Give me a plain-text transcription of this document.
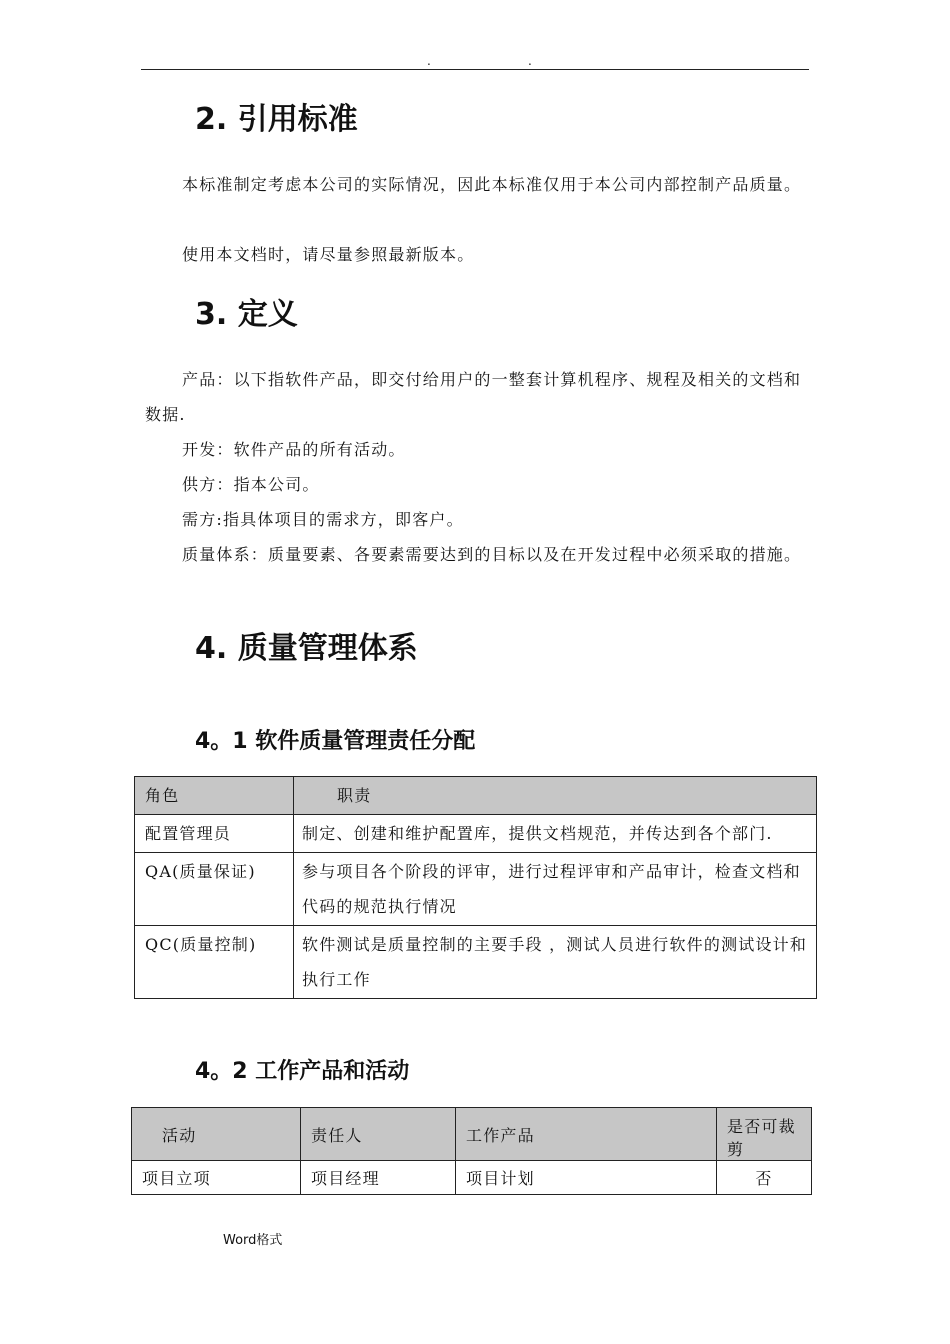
.	.
2. 引用标准
本标准制定考虑本公司的实际情况，因此本标准仅用于本公司内部控制产品质量。
使用本文档时，请尽量参照最新版本。
3. 定义
产品：以下指软件产品，即交付给用户的一整套计算机程序、规程及相关的文档和数据.
开发：软件产品的所有活动。
供方：指本公司。
需方:指具体项目的需求方，即客户。
质量体系：质量要素、各要素需要达到的目标以及在开发过程中必须采取的措施。
4. 质量管理体系
4。1 软件质量管理责任分配
角色	职责
配置管理员	制定、创建和维护配置库，提供文档规范，并传达到各个部门.
QA(质量保证)	参与项目各个阶段的评审，进行过程评审和产品审计，检查文档和代码的规范执行情况
QC(质量控制)	软件测试是质量控制的主要手段 ，测试人员进行软件的测试设计和执行工作
4。2 工作产品和活动
活动	责任人	工作产品	是否可裁剪
项目立项	项目经理	项目计划	否
Word格式
